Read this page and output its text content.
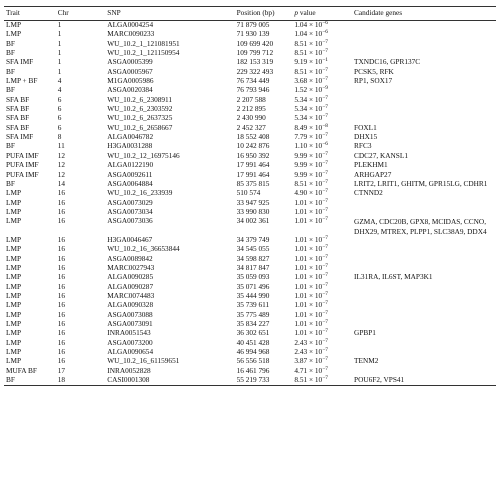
Trait	Chr	SNP	Position (bp)	p value	Candidate genes
LMP	1	ALGA0004254	71 879 005	$1.04 \times 10^{-6}$	
LMP	1	MARC0090233	71 930 139	$1.04 \times 10^{-6}$	
BF	1	WU_10.2_1_121081951	109 699 420	$8.51 \times 10^{-7}$	
BF	1	WU_10.2_1_121150954	109 799 712	$8.51 \times 10^{-7}$	
SFA IMF	1	ASGA0005399	182 153 319	$9.19 \times 10^{-1}$	TXNDC16, GPR137C
BF	1	ASGA0005967	229 322 493	$8.51 \times 10^{-7}$	PCSK5, RFK
LMP + BF	4	M1GA0005986	76 734 449	$3.68 \times 10^{-7}$	RP1, SOX17
BF	4	ASGA0020384	76 793 946	$1.52 \times 10^{-9}$	
SFA BF	6	WU_10.2_6_2308911	2 207 588	$5.34 \times 10^{-7}$	
SFA BF	6	WU_10.2_6_2303592	2 212 895	$5.34 \times 10^{-7}$	
SFA BF	6	WU_10.2_6_2637325	2 430 990	$5.34 \times 10^{-7}$	
SFA BF	6	WU_10.2_6_2658667	2 452 327	$8.49 \times 10^{-8}$	FOXL1
SFA IMF	8	ALGA0046782	18 552 408	$7.79 \times 10^{-7}$	DHX15
BF	11	H3GA0031288	10 242 876	$1.10 \times 10^{-6}$	RFC3
PUFA IMF	12	WU_10.2_12_16975146	16 950 392	$9.99 \times 10^{-7}$	CDC27, KANSL1
PUFA IMF	12	ALGA0122190	17 991 464	$9.99 \times 10^{-7}$	PLEKHM1
PUFA IMF	12	ASGA0092611	17 991 464	$9.99 \times 10^{-7}$	ARHGAP27
BF	14	ASGA0064884	85 375 815	$8.51 \times 10^{-7}$	LRIT2, LRIT1, GHITM, GPR15LG, CDHR1
LMP	16	WU_10.2_16_233939	510 574	$4.90 \times 10^{-7}$	CTNND2
LMP	16	ASGA0073029	33 947 925	$1.01 \times 10^{-7}$	
LMP	16	ASGA0073034	33 990 830	$1.01 \times 10^{-7}$	
LMP	16	ASGA0073036	34 002 361	$1.01 \times 10^{-7}$	GZMA, CDC20B, GPX8, MCIDAS, CCNO, DHX29, MTREX, PLPP1, SLC38A9, DDX4
LMP	16	H3GA0046467	34 379 749	$1.01 \times 10^{-7}$	
LMP	16	WU_10.2_16_36653844	34 545 055	$1.01 \times 10^{-7}$	
LMP	16	ASGA0089842	34 598 827	$1.01 \times 10^{-7}$	
LMP	16	MARC0027943	34 817 847	$1.01 \times 10^{-7}$	
LMP	16	ALGA0090285	35 059 093	$1.01 \times 10^{-7}$	IL31RA, IL6ST, MAP3K1
LMP	16	ALGA0090287	35 071 496	$1.01 \times 10^{-7}$	
LMP	16	MARC0074483	35 444 990	$1.01 \times 10^{-7}$	
LMP	16	ALGA0090328	35 739 611	$1.01 \times 10^{-7}$	
LMP	16	ASGA0073088	35 775 489	$1.01 \times 10^{-7}$	
LMP	16	ASGA0073091	35 834 227	$1.01 \times 10^{-7}$	
LMP	16	INRA0051543	36 302 651	$1.01 \times 10^{-7}$	GPBP1
LMP	16	ASGA0073200	40 451 428	$2.43 \times 10^{-7}$	
LMP	16	ALGA0090654	46 994 968	$2.43 \times 10^{-7}$	
LMP	16	WU_10.2_16_61159651	56 556 518	$3.87 \times 10^{-7}$	TENM2
MUFA BF	17	INRA0052828	16 461 796	$4.71 \times 10^{-7}$	
BF	18	CASI0001308	55 219 733	$8.51 \times 10^{-7}$	POU6F2, VPS41
